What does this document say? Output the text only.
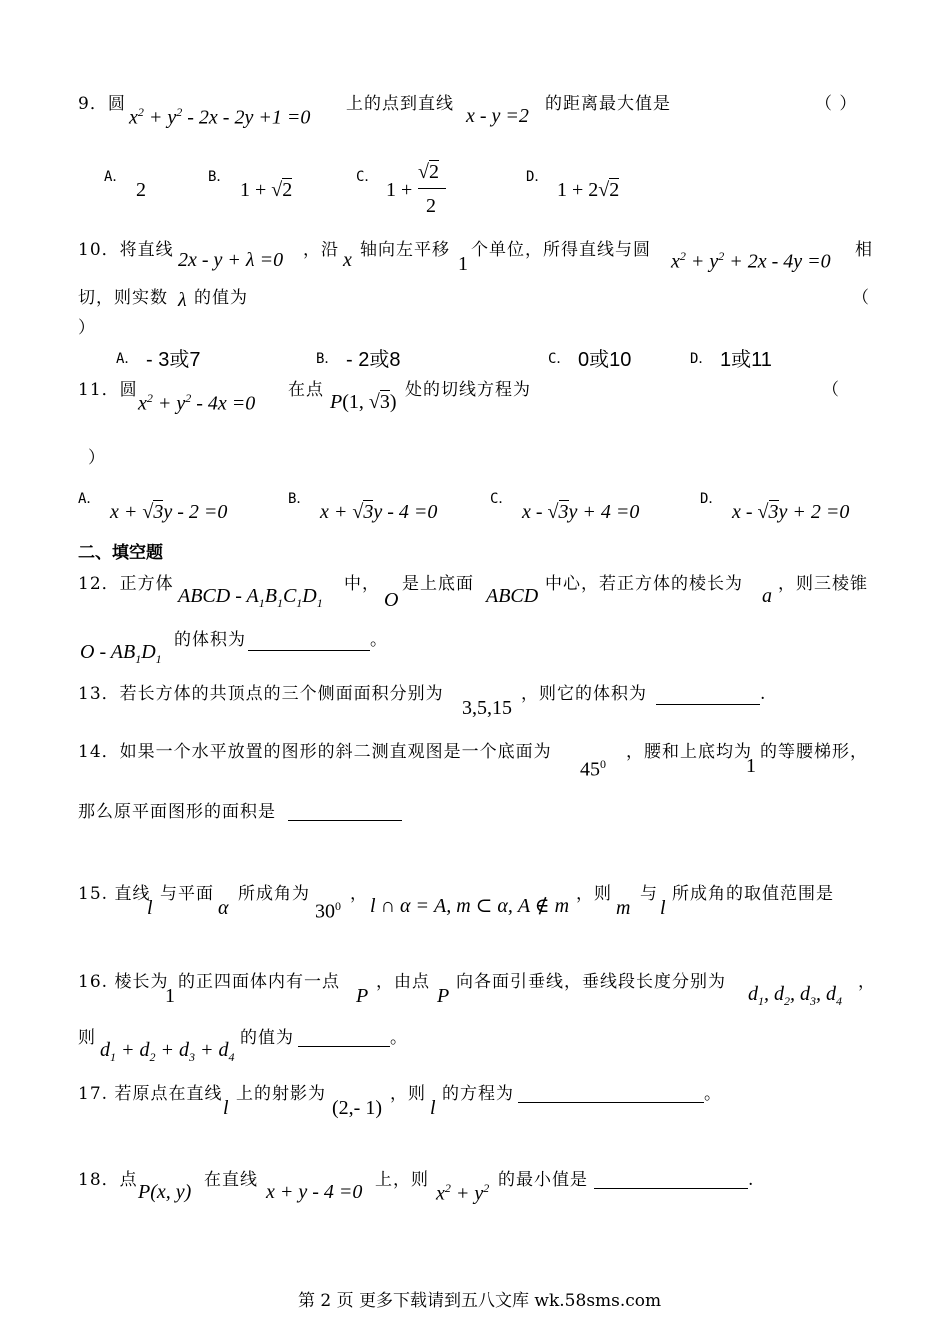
9．圆
$x^2 + y^2 - 2x - 2y +1 =0$
上的点到直线
x - y =2
的距离最大值是	（ ）
A．
2
B．
1 + √2
C．
1 +
√2
2
D．
1 + 2√2
10．将直线 2x - y + λ =0 ，沿 x 轴向左平移
1
个单位，所得直线与圆
$x^2 + y^2 + 2x - 4y =0$
相
切，则实数 λ 的值为	（
）
A． - 3或7	B． - 2或8	C． 0或10	D． 1或11
11．圆
$x^2 + y^2 - 4x =0$
在点
P(1, √3)
处的切线方程为	（
）
A．
x + √3y - 2 =0
B．
x + √3y - 4 =0
C．
x - √3y + 4 =0
D．
x - √3y + 2 =0
二、填空题
12．正方体
ABCD - $A_1B_1C_1D_1$
中，
O
是上底面
ABCD
中心，若正方体的棱长为
a
，则三棱锥
O - $AB_1D_1$
的体积为	。
13．若长方体的共顶点的三个侧面面积分别为
3,5,15
，则它的体积为	.
14．如果一个水平放置的图形的斜二测直观图是一个底面为
$45^0$
，腰和上底均为
1
的等腰梯形，
那么原平面图形的面积是
15. 直线
l
与平面
α
所成角为
$30^0$
，
l ∩ α = A, m ⊂ α, A ∉ m
，则
m
与
l
所成角的取值范围是
16. 棱长为
1
的正四面体内有一点
P
，由点
P
向各面引垂线，垂线段长度分别为
$d_1$, $d_2$, $d_3$, $d_4$
，
则
$d_1 + d_2 + d_3 + d_4$
的值为	。
17. 若原点在直线
l
上的射影为
(2,- 1)
，则
l
的方程为	。
18．点
P(x, y)
在直线
x + y - 4 =0
上，则
$x^2 + y^2$ 的最小值是	.
第 2 页 更多下载请到五八文库 wk.58sms.com
